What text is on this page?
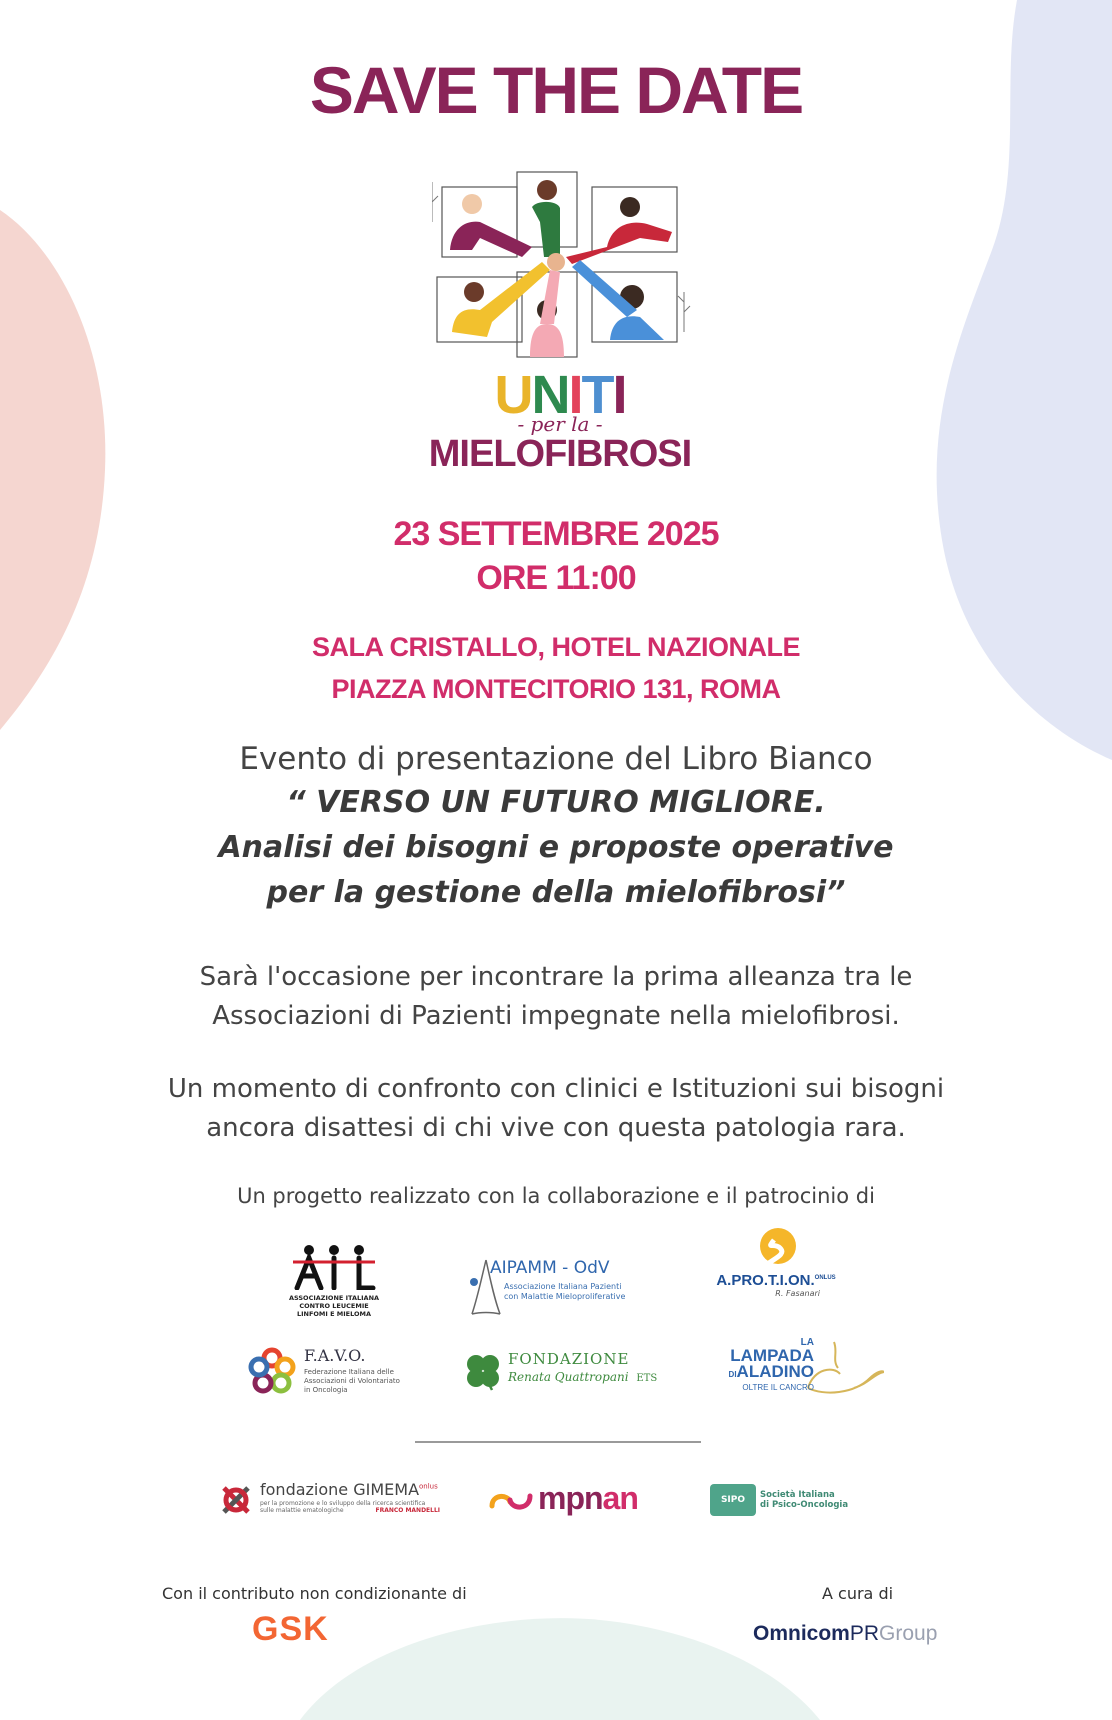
SAVE THE DATE
UNITI
- per la -
MIELOFIBROSI
23 SETTEMBRE 2025
ORE 11:00
SALA CRISTALLO, HOTEL NAZIONALE
PIAZZA MONTECITORIO 131, ROMA
Evento di presentazione del Libro Bianco
“ VERSO UN FUTURO MIGLIORE.
Analisi dei bisogni e proposte operative
per la gestione della mielofibrosi”
Sarà l'occasione per incontrare la prima alleanza tra le
Associazioni di Pazienti impegnate nella mielofibrosi.
Un momento di confronto con clinici e Istituzioni sui bisogni
ancora disattesi di chi vive con questa patologia rara.
Un progetto realizzato con la collaborazione e il patrocinio di
ASSOCIAZIONE ITALIANA
CONTRO LEUCEMIE
LINFOMI E MIELOMA
AIPAMM - OdV
Associazione Italiana Pazienti
con Malattie Mieloproliferative
A.PRO.T.I.ON.$^{ONLUS}$
R. Fasanari
F.A.V.O.
Federazione Italiana delle
Associazioni di Volontariato
in Oncologia
FONDAZIONE
Renata Quattropani ETS
LA
LAMPADA
DIALADINO
OLTRE IL CANCRO
fondazione $GIMEMA^{onlus}$
per la promozione e lo sviluppo della ricerca scientifica
sulle malattie ematologiche	FRANCO MANDELLI	mpnan	SIPO	Società Italiana
di Psico-Oncologia
Con il contributo non condizionante di
GSK
A cura di
OmnicomPRGroup
